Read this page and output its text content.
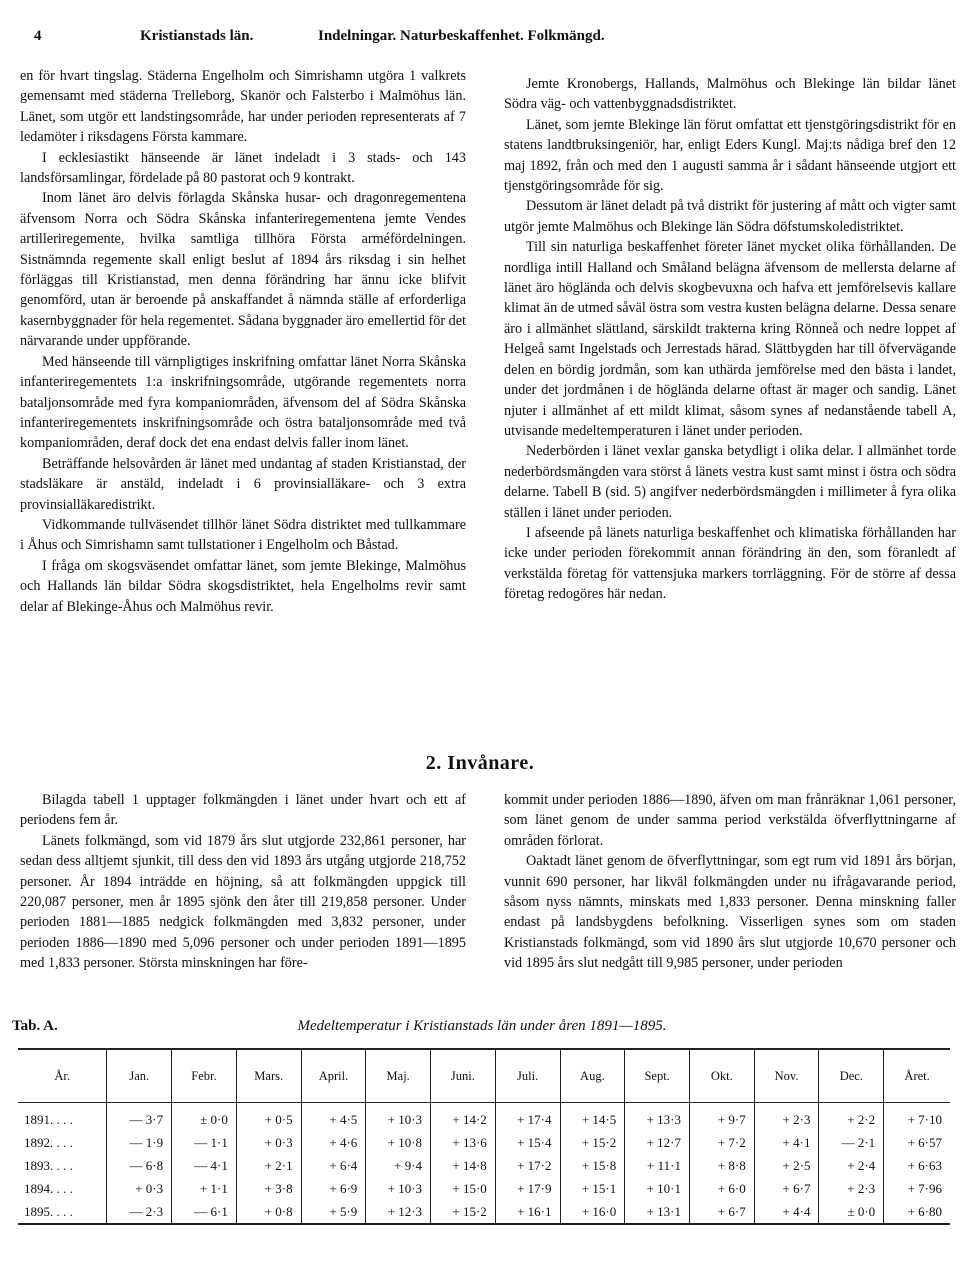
4	Kristianstads län.	Indelningar. Naturbeskaffenhet. Folkmängd.

en för hvart tingslag. Städerna Engelholm och Simrishamn utgöra 1 valkrets gemensamt med städerna Trelleborg, Skanör och Falsterbo i Malmöhus län. Länet, som utgör ett landstingsområde, har under perioden representerats af 7 ledamöter i riksdagens Första kammare.

I ecklesiastikt hänseende är länet indeladt i 3 stads- och 143 landsförsamlingar, fördelade på 80 pastorat och 9 kontrakt.

Inom länet äro delvis förlagda Skånska husar- och dragonregementena äfvensom Norra och Södra Skånska infanteriregementena jemte Vendes artilleriregemente, hvilka samtliga tillhöra Första arméfördelningen. Sistnämnda regemente skall enligt beslut af 1894 års riksdag i sin helhet förläggas till Kristianstad, men denna förändring har ännu icke blifvit genomförd, utan är beroende på anskaffandet å nämnda ställe af erforderliga kasernbyggnader för hela regementet. Sådana byggnader äro emellertid för det närvarande under uppförande.

Med hänseende till värnpligtiges inskrifning omfattar länet Norra Skånska infanteriregementets 1:a inskrifningsområde, utgörande regementets norra bataljonsområde med fyra kompaniområden, äfvensom del af Södra Skånska infanteriregementets inskrifningsområde och östra bataljonsområde med två kompaniområden, deraf dock det ena endast delvis faller inom länet.

Beträffande helsovården är länet med undantag af staden Kristianstad, der stadsläkare är anstäld, indeladt i 6 provinsialläkare- och 3 extra provinsialläkaredistrikt.

Vidkommande tullväsendet tillhör länet Södra distriktet med tullkammare i Åhus och Simrishamn samt tullstationer i Engelholm och Båstad.

I fråga om skogsväsendet omfattar länet, som jemte Blekinge, Malmöhus och Hallands län bildar Södra skogsdistriktet, hela Engelholms revir samt delar af Blekinge-Åhus och Malmöhus revir.

Jemte Kronobergs, Hallands, Malmöhus och Blekinge län bildar länet Södra väg- och vattenbyggnadsdistriktet.

Länet, som jemte Blekinge län förut omfattat ett tjenstgöringsdistrikt för en statens landtbruksingeniör, har, enligt Eders Kungl. Maj:ts nådiga bref den 12 maj 1892, från och med den 1 augusti samma år i sådant hänseende utgjort ett tjenstgöringsområde för sig.

Dessutom är länet deladt på två distrikt för justering af mått och vigter samt utgör jemte Malmöhus och Blekinge län Södra döfstumskoledistriktet.

Till sin naturliga beskaffenhet företer länet mycket olika förhållanden. De nordliga intill Halland och Småland belägna äfvensom de mellersta delarne af länet äro högländа och delvis skogbevuxna och hafva ett jemförelsevis kallare klimat än de utmed såväl östra som vestra kusten belägna delarne. Dessa senare äro i allmänhet slättland, särskildt trakterna kring Rönneå och nedre loppet af Helgeå samt Ingelstads och Jerrestads härad. Slättbygden har till öfvervägande delen en bördig jordmån, som kan uthärda jemförelse med den bästa i landet, under det jordmånen i de högländа delarne oftast är mager och sandig. Länet njuter i allmänhet af ett mildt klimat, såsom synes af nedanstående tabell A, utvisande medeltemperaturen i länet under perioden.

Nederbörden i länet vexlar ganska betydligt i olika delar. I allmänhet torde nederbördsmängden vara störst å länets vestra kust samt minst i östra och södra delarne. Tabell B (sid. 5) angifver nederbördsmängden i millimeter å fyra olika ställen i länet under perioden.

I afseende på länets naturliga beskaffenhet och klimatiska förhållanden har icke under perioden förekommit annan förändring än den, som föranledt af verkstälda företag för vattensjuka markers torrläggning. För de större af dessa företag redogöres här nedan.

2. Invånare.

Bilagda tabell 1 upptager folkmängden i länet under hvart och ett af periodens fem år.

Länets folkmängd, som vid 1879 års slut utgjorde 232,861 personer, har sedan dess alltjemt sjunkit, till dess den vid 1893 års utgång utgjorde 218,752 personer. År 1894 inträdde en höjning, så att folkmängden uppgick till 220,087 personer, men år 1895 sjönk den åter till 219,858 personer. Under perioden 1881—1885 nedgick folkmängden med 3,832 personer, under perioden 1886—1890 med 5,096 personer och under perioden 1891—1895 med 1,833 personer. Största minskningen har före-

kommit under perioden 1886—1890, äfven om man frånräknar 1,061 personer, som länet genom de under samma period verkstälda öfverflyttningarne af områden förlorat.

Oaktadt länet genom de öfverflyttningar, som egt rum vid 1891 års början, vunnit 690 personer, har likväl folkmängden under nu ifrågavarande period, såsom nyss nämnts, minskats med 1,833 personer. Denna minskning faller endast på landsbygdens befolkning. Visserligen synes som om staden Kristianstads folkmängd, som vid 1890 års slut utgjorde 10,670 personer och vid 1895 års slut nedgått till 9,985 personer, under perioden

Medeltemperatur i Kristianstads län under åren 1891—1895.
Tab. A.
År.	Jan.	Febr.	Mars.	April.	Maj.	Juni.	Juli.	Aug.	Sept.	Okt.	Nov.	Dec.	Året.
1891. . . .	— 3·7	± 0·0	+ 0·5	+ 4·5	+ 10·3	+ 14·2	+ 17·4	+ 14·5	+ 13·3	+ 9·7	+ 2·3	+ 2·2	+ 7·10
1892. . . .	— 1·9	— 1·1	+ 0·3	+ 4·6	+ 10·8	+ 13·6	+ 15·4	+ 15·2	+ 12·7	+ 7·2	+ 4·1	— 2·1	+ 6·57
1893. . . .	— 6·8	— 4·1	+ 2·1	+ 6·4	+ 9·4	+ 14·8	+ 17·2	+ 15·8	+ 11·1	+ 8·8	+ 2·5	+ 2·4	+ 6·63
1894. . . .	+ 0·3	+ 1·1	+ 3·8	+ 6·9	+ 10·3	+ 15·0	+ 17·9	+ 15·1	+ 10·1	+ 6·0	+ 6·7	+ 2·3	+ 7·96
1895. . . .	— 2·3	— 6·1	+ 0·8	+ 5·9	+ 12·3	+ 15·2	+ 16·1	+ 16·0	+ 13·1	+ 6·7	+ 4·4	± 0·0	+ 6·80
